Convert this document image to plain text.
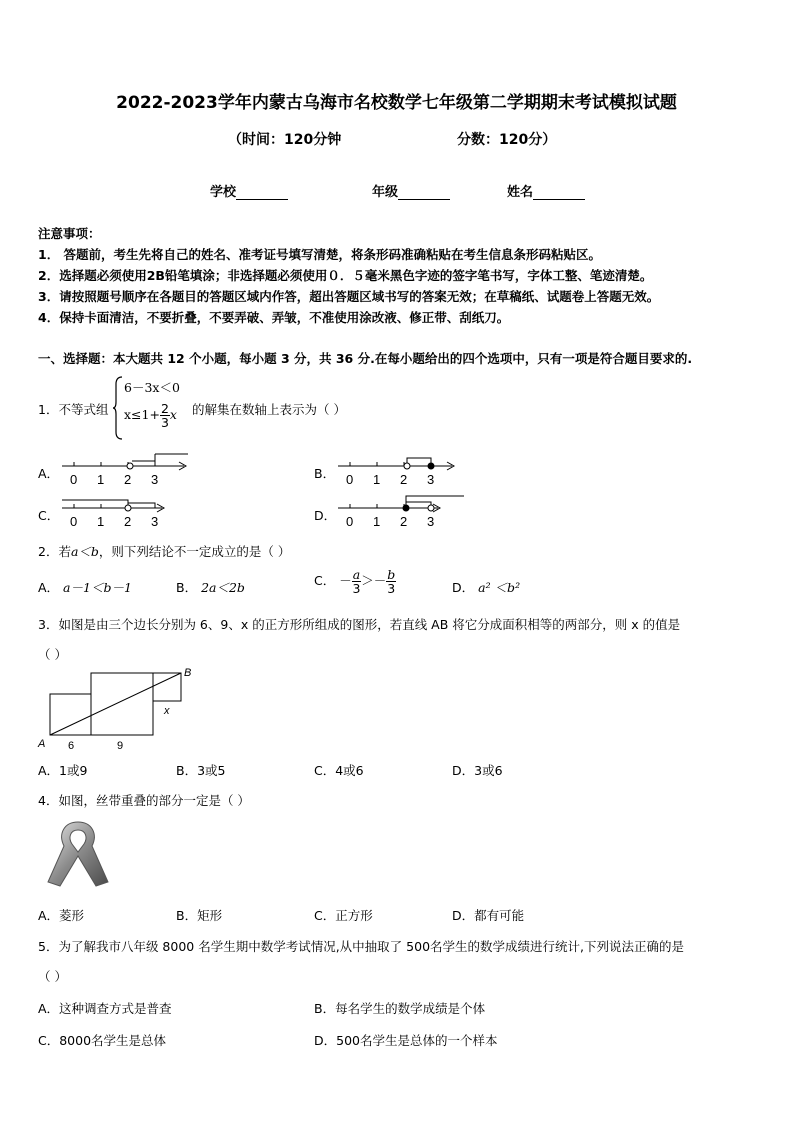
2022-2023学年内蒙古乌海市名校数学七年级第二学期期末考试模拟试题
（时间：120分钟	分数：120分）
学校	年级	姓名
注意事项：
1． 答题前，考生先将自己的姓名、准考证号填写清楚，将条形码准确粘贴在考生信息条形码粘贴区。
2．选择题必须使用2B铅笔填涂；非选择题必须使用０．５毫米黑色字迹的签字笔书写，字体工整、笔迹清楚。
3．请按照题号顺序在各题目的答题区域内作答，超出答题区域书写的答案无效；在草稿纸、试题卷上答题无效。
4．保持卡面清洁，不要折叠，不要弄破、弄皱，不准使用涂改液、修正带、刮纸刀。
一、选择题：本大题共 12 个小题，每小题 3 分，共 36 分.在每小题给出的四个选项中，只有一项是符合题目要求的.
1．不等式组
6－3x＜0
$x\le 1+ \frac{2}{3}$ x 的解集在数轴上表示为（ ）
A． 0 1 2 3	B． 0 1 2 3
C． 0 1 2 3	D． 0 1 2 3
2．若a＜b，则下列结论不一定成立的是（ ）
A． a－1＜b－1	B． 2a＜2b	C． － $\frac{a}{3} >- \frac{b}{3}$	D． a² ＜b²
3．如图是由三个边长分别为 6、9、x 的正方形所组成的图形，若直线 AB 将它分成面积相等的两部分，则 x 的值是
（ ）
A
B
x
6	9
A．1或9	B．3或5	C．4或6	D．3或6
4．如图，丝带重叠的部分一定是（ ）
A．菱形	B．矩形	C．正方形	D．都有可能
5．为了解我市八年级 8000 名学生期中数学考试情况,从中抽取了 500名学生的数学成绩进行统计,下列说法正确的是
（ ）
A．这种调查方式是普查	B．每名学生的数学成绩是个体
C．8000名学生是总体	D．500名学生是总体的一个样本
